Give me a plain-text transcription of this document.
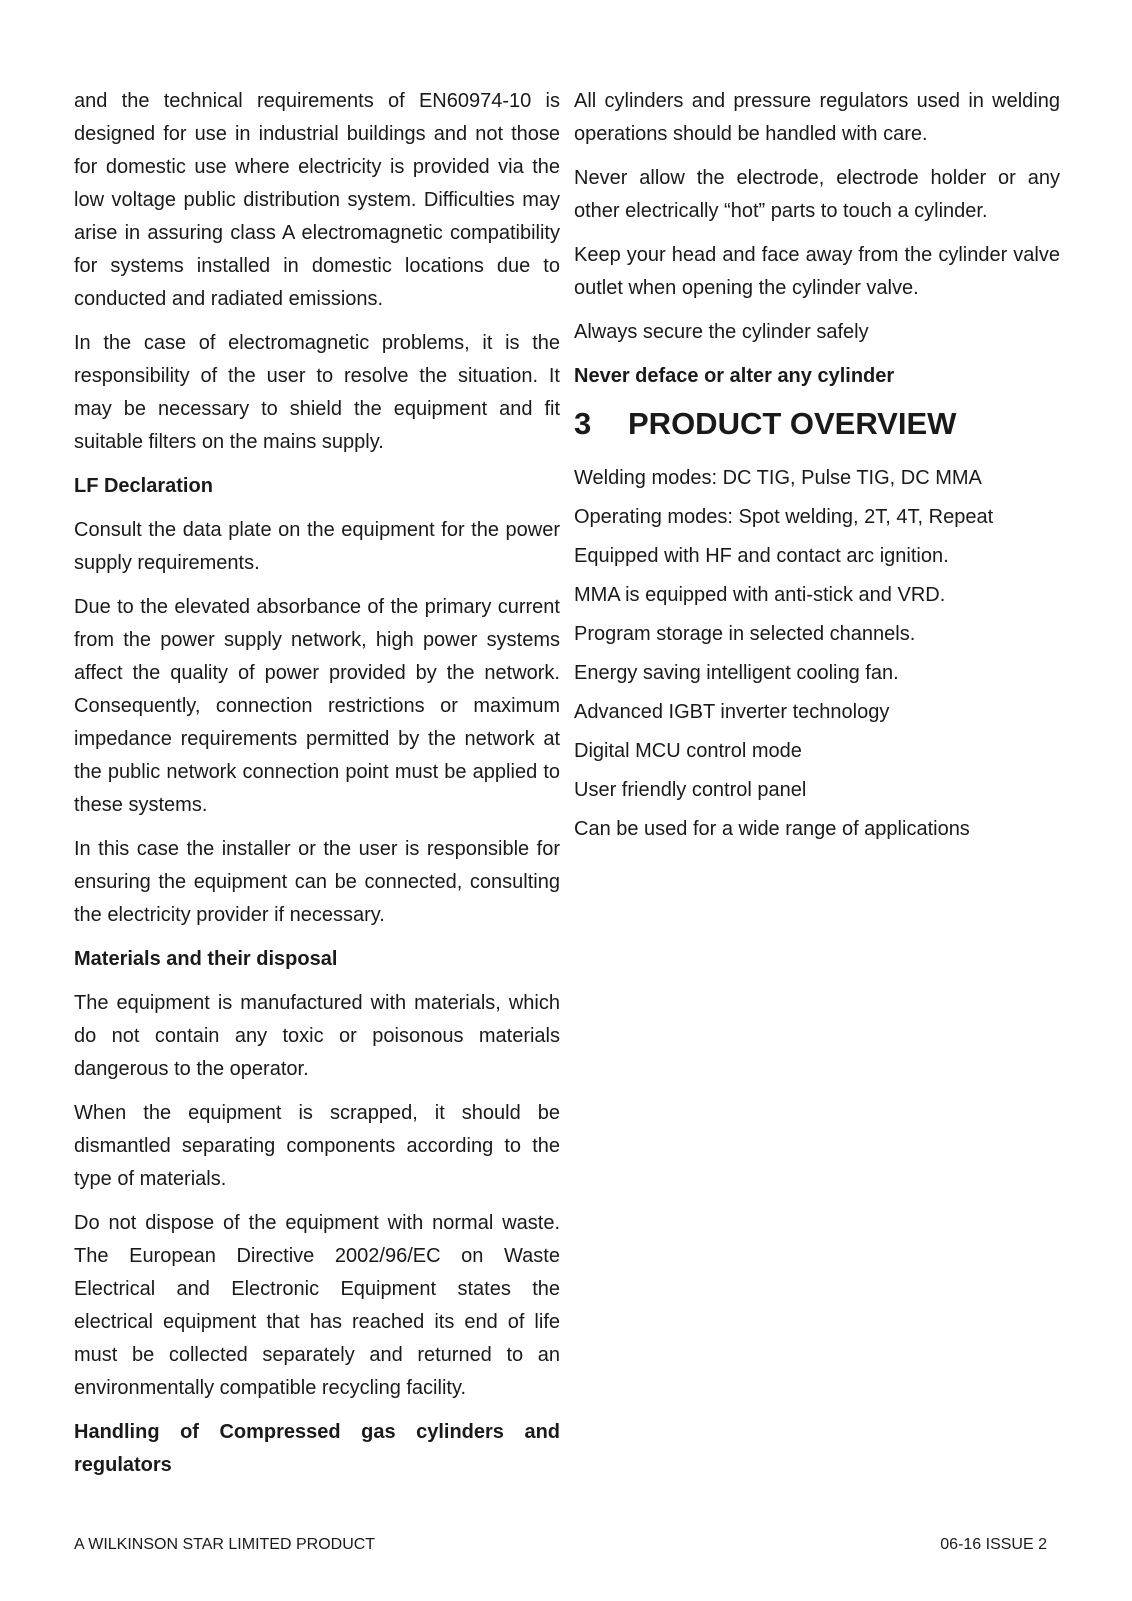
and the technical requirements of EN60974-10 is designed for use in industrial buildings and not those for domestic use where electricity is provided via the low voltage public distribution system. Difficulties may arise in assuring class A electromagnetic compatibility for systems installed in domestic locations due to conducted and radiated emissions.

In the case of electromagnetic problems, it is the responsibility of the user to resolve the situation. It may be necessary to shield the equipment and fit suitable filters on the mains supply.

LF Declaration

Consult the data plate on the equipment for the power supply requirements.

Due to the elevated absorbance of the primary current from the power supply network, high power systems affect the quality of power provided by the network. Consequently, connection restrictions or maximum impedance requirements permitted by the network at the public network connection point must be applied to these systems.

In this case the installer or the user is responsible for ensuring the equipment can be connected, consulting the electricity provider if necessary.

Materials and their disposal

The equipment is manufactured with materials, which do not contain any toxic or poisonous materials dangerous to the operator.

When the equipment is scrapped, it should be dismantled separating components according to the type of materials.

Do not dispose of the equipment with normal waste. The European Directive 2002/96/EC on Waste Electrical and Electronic Equipment states the electrical equipment that has reached its end of life must be collected separately and returned to an environmentally compatible recycling facility.

Handling of Compressed gas cylinders and regulators

All cylinders and pressure regulators used in welding operations should be handled with care.

Never allow the electrode, electrode holder or any other electrically “hot” parts to touch a cylinder.

Keep your head and face away from the cylinder valve outlet when opening the cylinder valve.

Always secure the cylinder safely

Never deface or alter any cylinder

3	PRODUCT OVERVIEW
Welding modes: DC TIG, Pulse TIG, DC MMA
Operating modes: Spot welding, 2T, 4T, Repeat
Equipped with HF and contact arc ignition.
MMA is equipped with anti-stick and VRD.
Program storage in selected channels.
Energy saving intelligent cooling fan.
Advanced IGBT inverter technology
Digital MCU control mode
User friendly control panel
Can be used for a wide range of applications
A WILKINSON STAR LIMITED PRODUCT	06-16 ISSUE 2
